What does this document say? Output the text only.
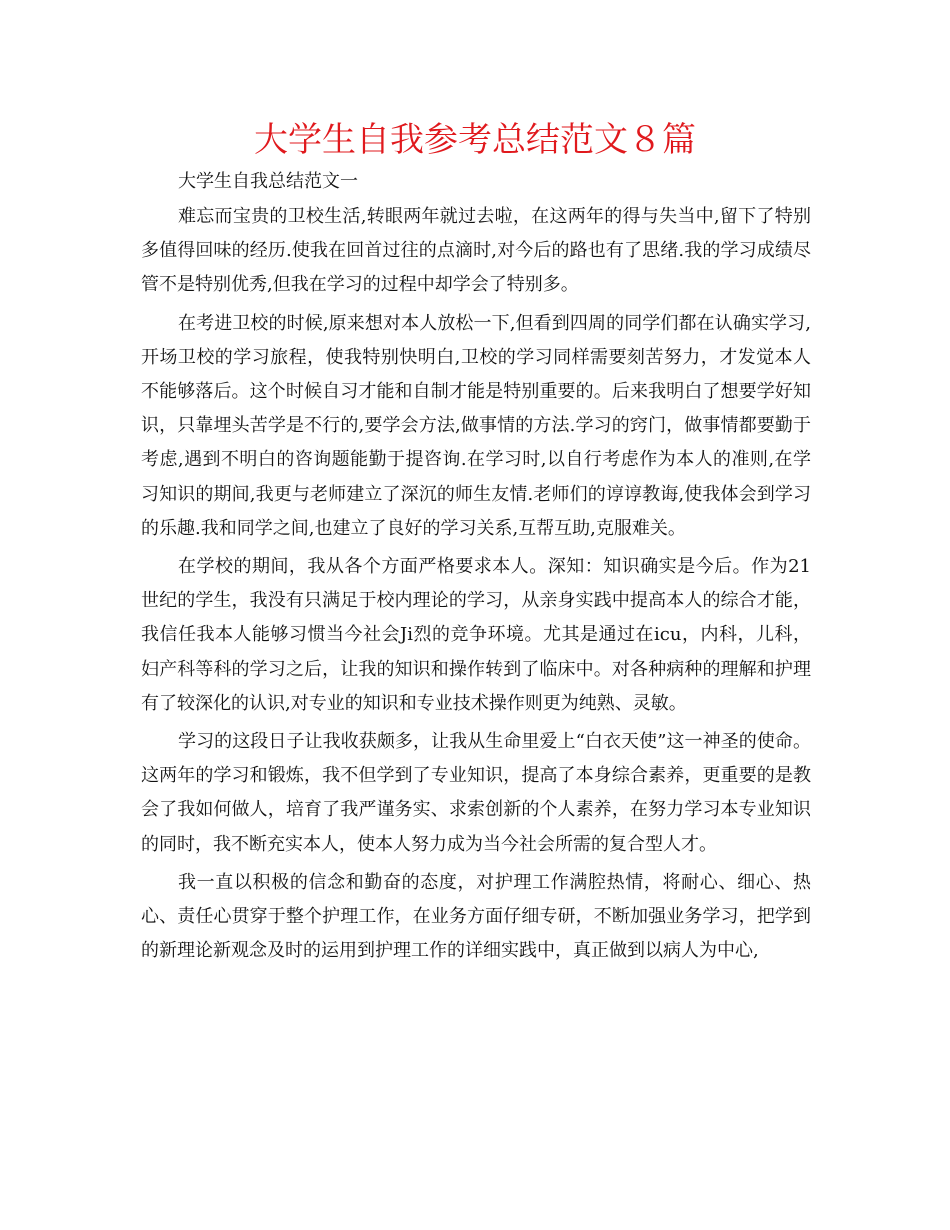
大学生自我参考总结范文８篇

大学生自我总结范文一

难忘而宝贵的卫校生活,转眼两年就过去啦，在这两年的得与失当中,留下了特别多值得回味的经历.使我在回首过往的点滴时,对今后的路也有了思绪.我的学习成绩尽管不是特别优秀,但我在学习的过程中却学会了特别多。

在考进卫校的时候,原来想对本人放松一下,但看到四周的同学们都在认确实学习,开场卫校的学习旅程，使我特别快明白,卫校的学习同样需要刻苦努力，才发觉本人不能够落后。这个时候自习才能和自制才能是特别重要的。后来我明白了想要学好知识，只靠埋头苦学是不行的,要学会方法,做事情的方法.学习的窍门，做事情都要勤于考虑,遇到不明白的咨询题能勤于提咨询.在学习时,以自行考虑作为本人的准则,在学习知识的期间,我更与老师建立了深沉的师生友情.老师们的谆谆教诲,使我体会到学习的乐趣.我和同学之间,也建立了良好的学习关系,互帮互助,克服难关。

在学校的期间，我从各个方面严格要求本人。深知：知识确实是今后。作为21世纪的学生，我没有只满足于校内理论的学习，从亲身实践中提高本人的综合才能，我信任我本人能够习惯当今社会Ji烈的竞争环境。尤其是通过在icu，内科，儿科，妇产科等科的学习之后，让我的知识和操作转到了临床中。对各种病种的理解和护理有了较深化的认识,对专业的知识和专业技术操作则更为纯熟、灵敏。

学习的这段日子让我收获颇多，让我从生命里爱上“白衣天使”这一神圣的使命。这两年的学习和锻炼，我不但学到了专业知识，提高了本身综合素养，更重要的是教会了我如何做人，培育了我严谨务实、求索创新的个人素养，在努力学习本专业知识的同时，我不断充实本人，使本人努力成为当今社会所需的复合型人才。

我一直以积极的信念和勤奋的态度，对护理工作满腔热情，将耐心、细心、热心、责任心贯穿于整个护理工作，在业务方面仔细专研，不断加强业务学习，把学到的新理论新观念及时的运用到护理工作的详细实践中，真正做到以病人为中心,
